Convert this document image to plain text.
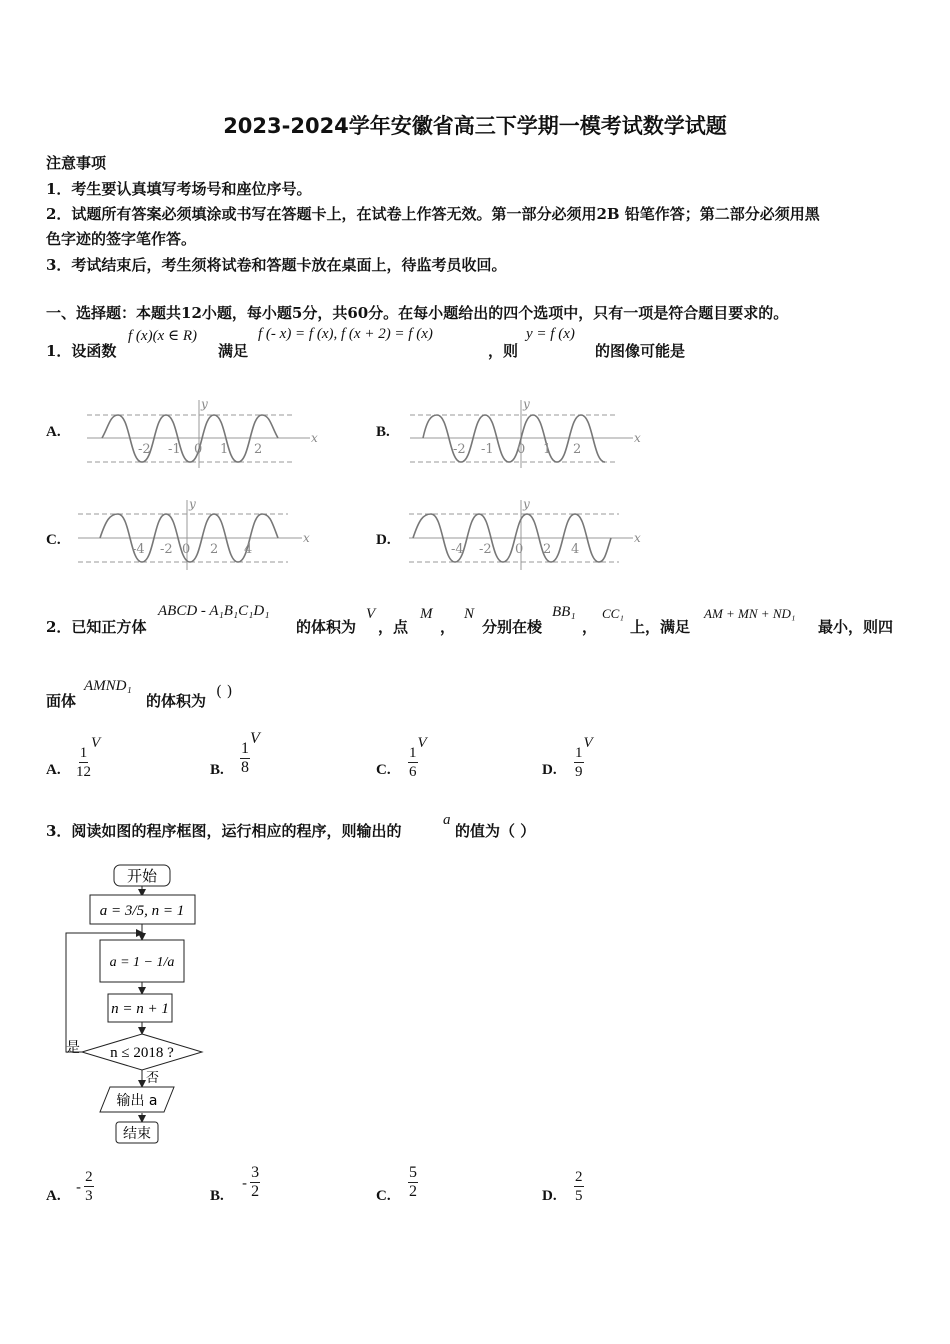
2023-2024学年安徽省高三下学期一模考试数学试题
注意事项
1．考生要认真填写考场号和座位序号。
2．试题所有答案必须填涂或书写在答题卡上，在试卷上作答无效。第一部分必须用2B 铅笔作答；第二部分必须用黑
色字迹的签字笔作答。
3．考试结束后，考生须将试卷和答题卡放在桌面上，待监考员收回。
一、选择题：本题共12小题，每小题5分，共60分。在每小题给出的四个选项中，只有一项是符合题目要求的。
1．设函数
f (x)(x ∈ R)
满足
f (- x) = f (x), f (x + 2) = f (x)
，则
y = f (x)
的图像可能是
A.	B.
C.	D.
x
y
-2 -1 0 1 2
x
y
-2 -1 0 1 2
x
y
-4 -2 0 2 4
x
y
-4 -2 0 2 4
2．已知正方体
ABCD - A₁B₁C₁D₁
的体积为
V
，点
M
，
N
分别在棱
BB₁
，
CC₁
上，满足
AM + MN + ND₁
最小，则四
面体
AMND₁
的体积为
( )
A. $\frac{1}{12}$
V
B. $\frac{1}{8}$
V
C. $\frac{1}{6}$
V
D. $\frac{1}{9}$
V
3．阅读如图的程序框图，运行相应的程序，则输出的
a
的值为（ ）
开始
a = 3/5, n = 1
a = 1 − 1/a
n = n + 1
n ≤ 2018 ?
是
否
输出 a
结束
A.
- $\frac{2}{3}$	B.
- $\frac{3}{2}$	C. $\frac{5}{2}$	D. $\frac{2}{5}$
